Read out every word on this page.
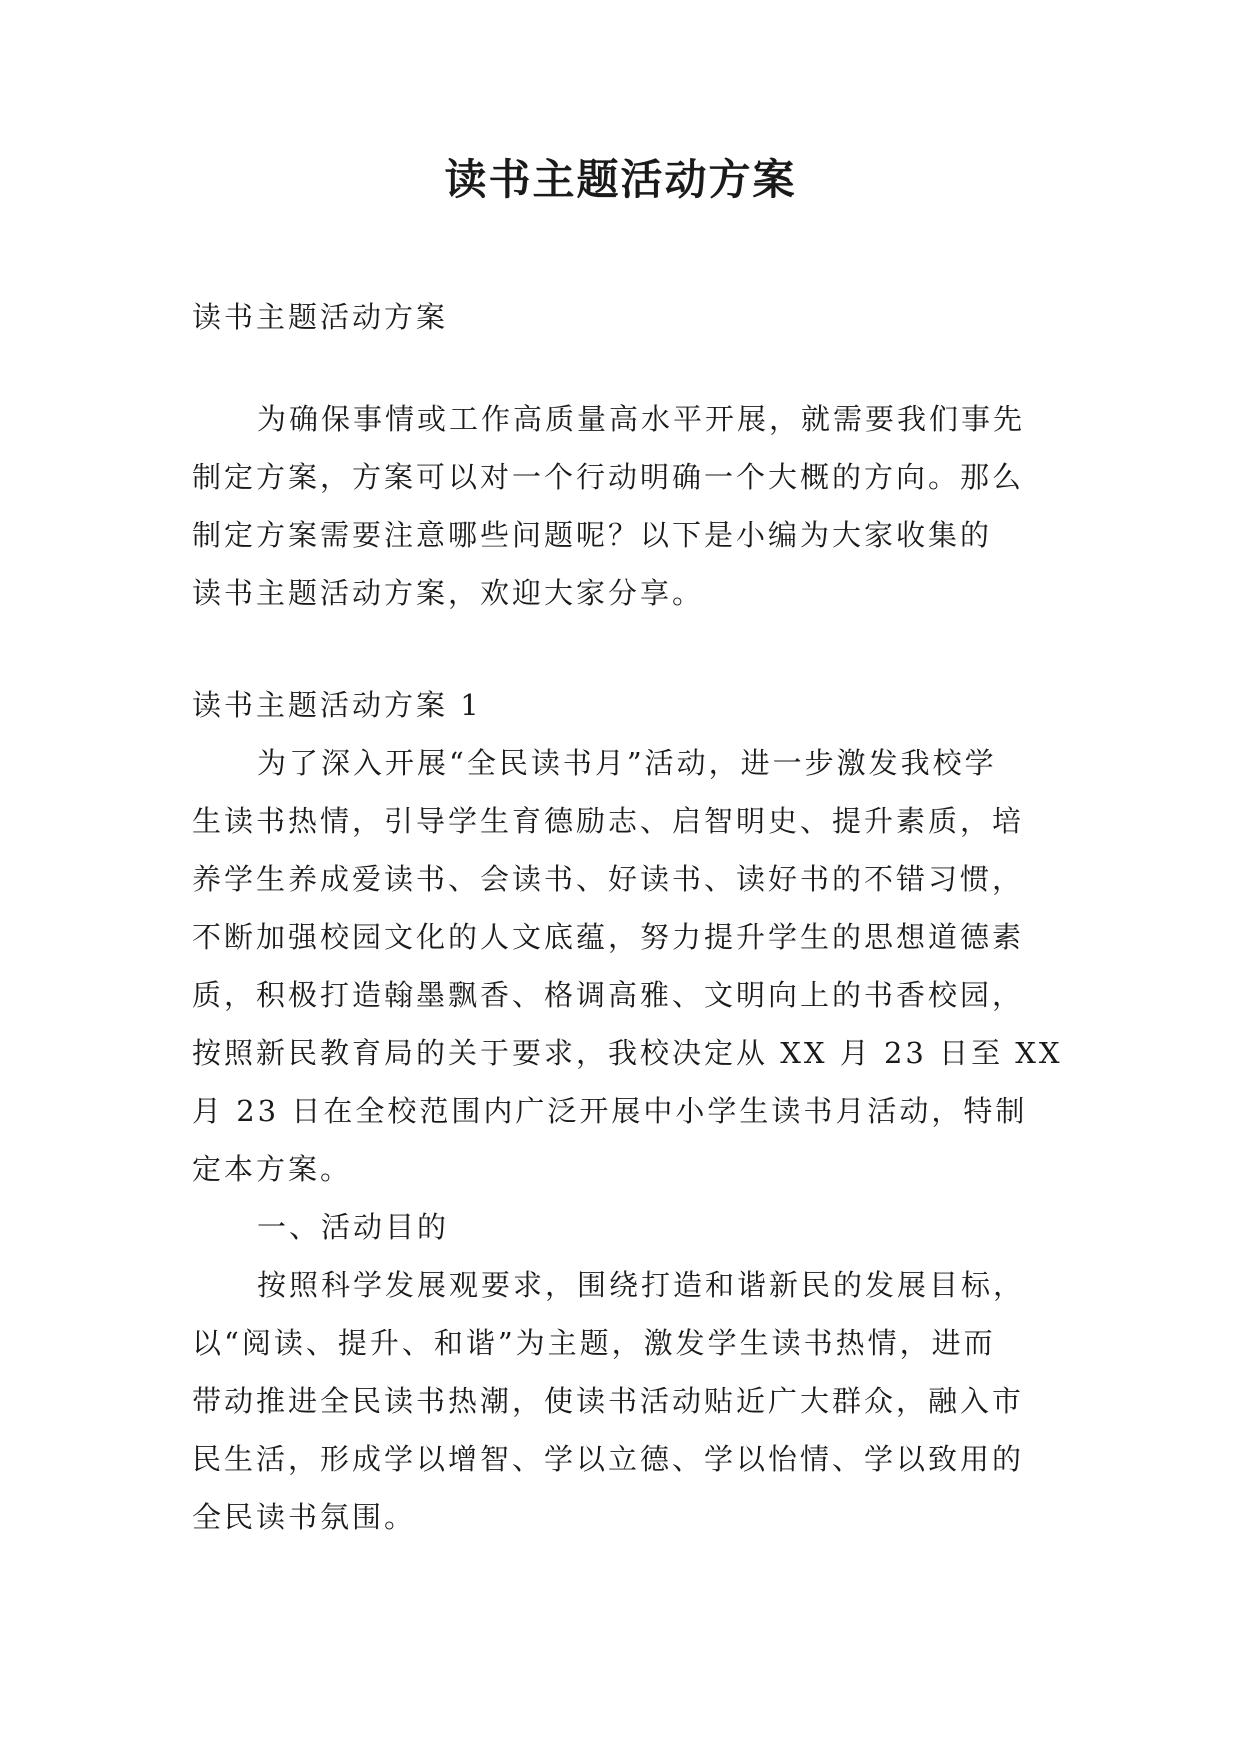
读书主题活动方案

读书主题活动方案

为确保事情或工作高质量高水平开展，就需要我们事先

制定方案，方案可以对一个行动明确一个大概的方向。那么

制定方案需要注意哪些问题呢？以下是小编为大家收集的

读书主题活动方案，欢迎大家分享。

读书主题活动方案 1

为了深入开展“全民读书月”活动，进一步激发我校学

生读书热情，引导学生育德励志、启智明史、提升素质，培

养学生养成爱读书、会读书、好读书、读好书的不错习惯，

不断加强校园文化的人文底蕴，努力提升学生的思想道德素

质，积极打造翰墨飘香、格调高雅、文明向上的书香校园，

按照新民教育局的关于要求，我校决定从 XX 月 23 日至 XX

月 23 日在全校范围内广泛开展中小学生读书月活动，特制

定本方案。

一、活动目的

按照科学发展观要求，围绕打造和谐新民的发展目标，

以“阅读、提升、和谐”为主题，激发学生读书热情，进而

带动推进全民读书热潮，使读书活动贴近广大群众，融入市

民生活，形成学以增智、学以立德、学以怡情、学以致用的

全民读书氛围。
